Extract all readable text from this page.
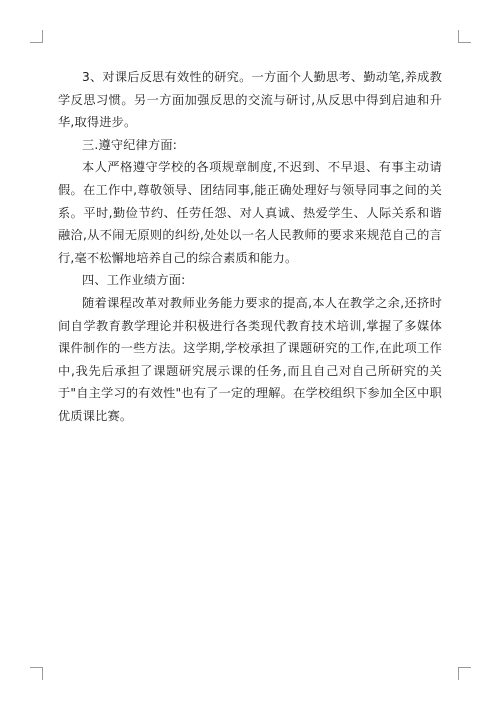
3、对课后反思有效性的研究。一方面个人勤思考、勤动笔,养成教学反思习惯。另一方面加强反思的交流与研讨,从反思中得到启迪和升华,取得进步。

三.遵守纪律方面:

本人严格遵守学校的各项规章制度,不迟到、不早退、有事主动请假。在工作中,尊敬领导、团结同事,能正确处理好与领导同事之间的关系。平时,勤俭节约、任劳任怨、对人真诚、热爱学生、人际关系和谐融洽,从不闹无原则的纠纷,处处以一名人民教师的要求来规范自己的言行,毫不松懈地培养自己的综合素质和能力。

四、工作业绩方面:

随着课程改革对教师业务能力要求的提高,本人在教学之余,还挤时间自学教育教学理论并积极进行各类现代教育技术培训,掌握了多媒体课件制作的一些方法。这学期,学校承担了课题研究的工作,在此项工作中,我先后承担了课题研究展示课的任务,而且自己对自己所研究的关于"自主学习的有效性"也有了一定的理解。在学校组织下参加全区中职优质课比赛。
